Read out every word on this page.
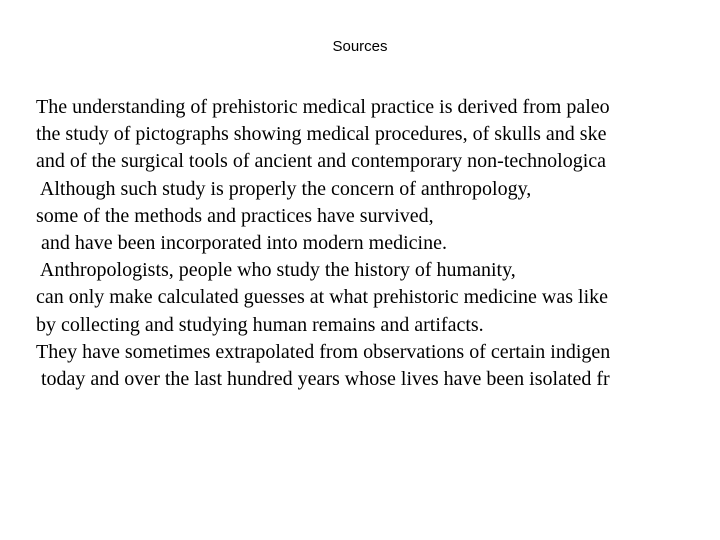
Sources
The understanding of prehistoric medical practice is derived from paleo
the study of pictographs showing medical procedures, of skulls and ske
and of the surgical tools of ancient and contemporary non-technologica
Although such study is properly the concern of anthropology,
some of the methods and practices have survived,
and have been incorporated into modern medicine.
Anthropologists, people who study the history of humanity,
can only make calculated guesses at what prehistoric medicine was like
by collecting and studying human remains and artifacts.
They have sometimes extrapolated from observations of certain indigen
today and over the last hundred years whose lives have been isolated fr
